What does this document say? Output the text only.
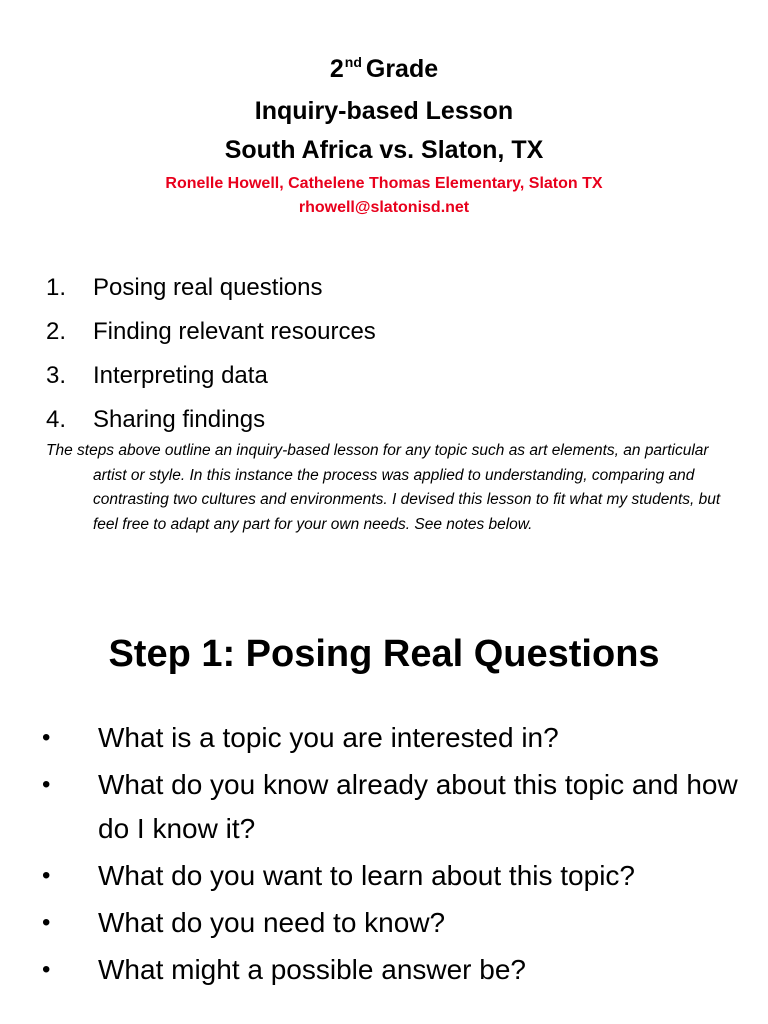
2nd Grade
Inquiry-based Lesson
South Africa vs. Slaton, TX
Ronelle Howell, Cathelene Thomas Elementary, Slaton TX
rhowell@slatonisd.net
1.	Posing real questions
2.	Finding relevant resources
3.	Interpreting data
4.	Sharing findings
The steps above outline an inquiry-based lesson for any topic such as art elements, an particular artist or style. In this instance the process was applied to understanding, comparing and contrasting two cultures and environments. I devised this lesson to fit what my students, but feel free to adapt any part for your own needs. See notes below.
Step 1: Posing Real Questions
•	What is a topic you are interested in?
•	What do you know already about this topic and how do I know it?
•	What do you want to learn about this topic?
•	What do you need to know?
•	What might a possible answer be?
